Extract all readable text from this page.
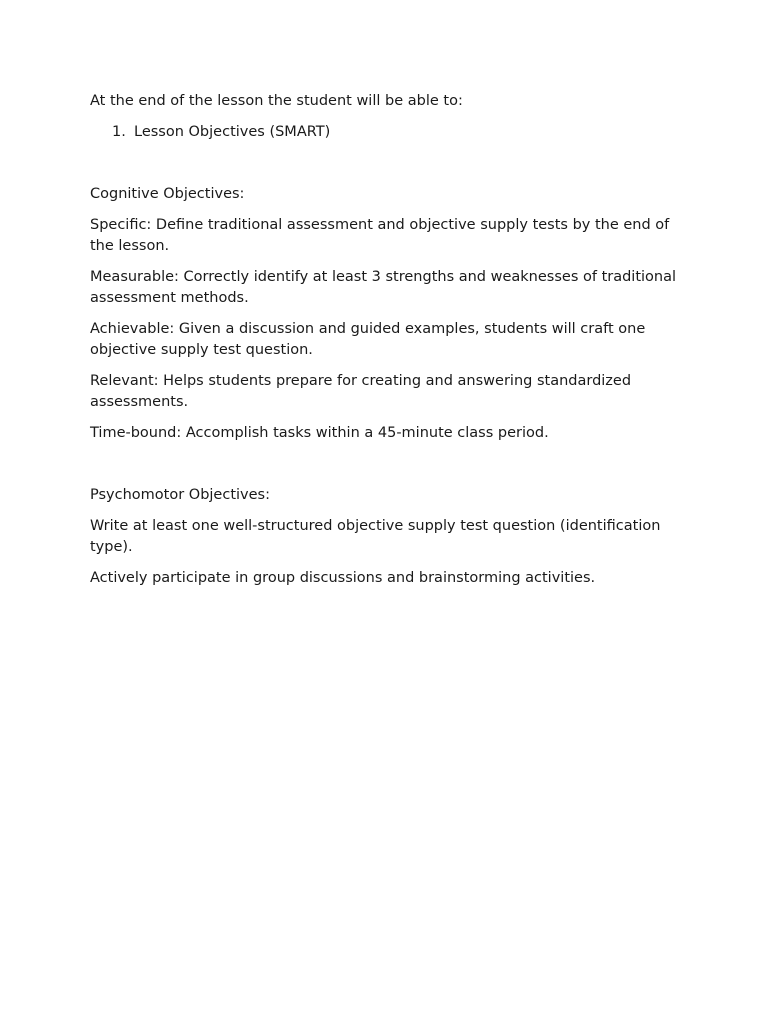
At the end of the lesson the student will be able to:

1. Lesson Objectives (SMART)

Cognitive Objectives:

Specific: Define traditional assessment and objective supply tests by the end of the lesson.

Measurable: Correctly identify at least 3 strengths and weaknesses of traditional assessment methods.

Achievable: Given a discussion and guided examples, students will craft one objective supply test question.

Relevant: Helps students prepare for creating and answering standardized assessments.

Time-bound: Accomplish tasks within a 45-minute class period.

Psychomotor Objectives:

Write at least one well-structured objective supply test question (identification type).

Actively participate in group discussions and brainstorming activities.
